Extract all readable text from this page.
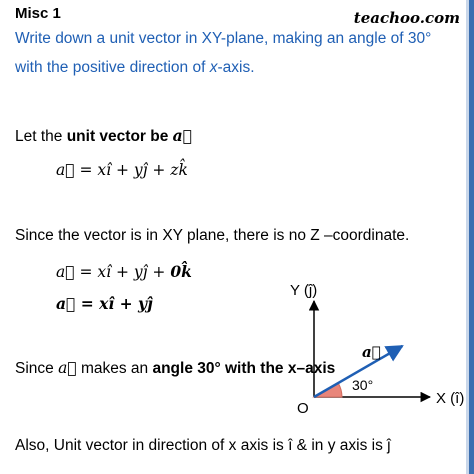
Misc 1	teachoo.com
Write down a unit vector in XY-plane, making an angle of 30°
with the positive direction of x-axis.
Let the unit vector be a⃗
a⃗ = xî + yĵ + zk̂
Since the vector is in XY plane, there is no Z –coordinate.
a⃗ = xî + yĵ + 0k̂
a⃗ = xî + yĵ
Since a⃗ makes an angle 30° with the x–axis
Also, Unit vector in direction of x axis is î & in y axis is ĵ
Y (ĵ)
X (î)
O
a⃗
30°
